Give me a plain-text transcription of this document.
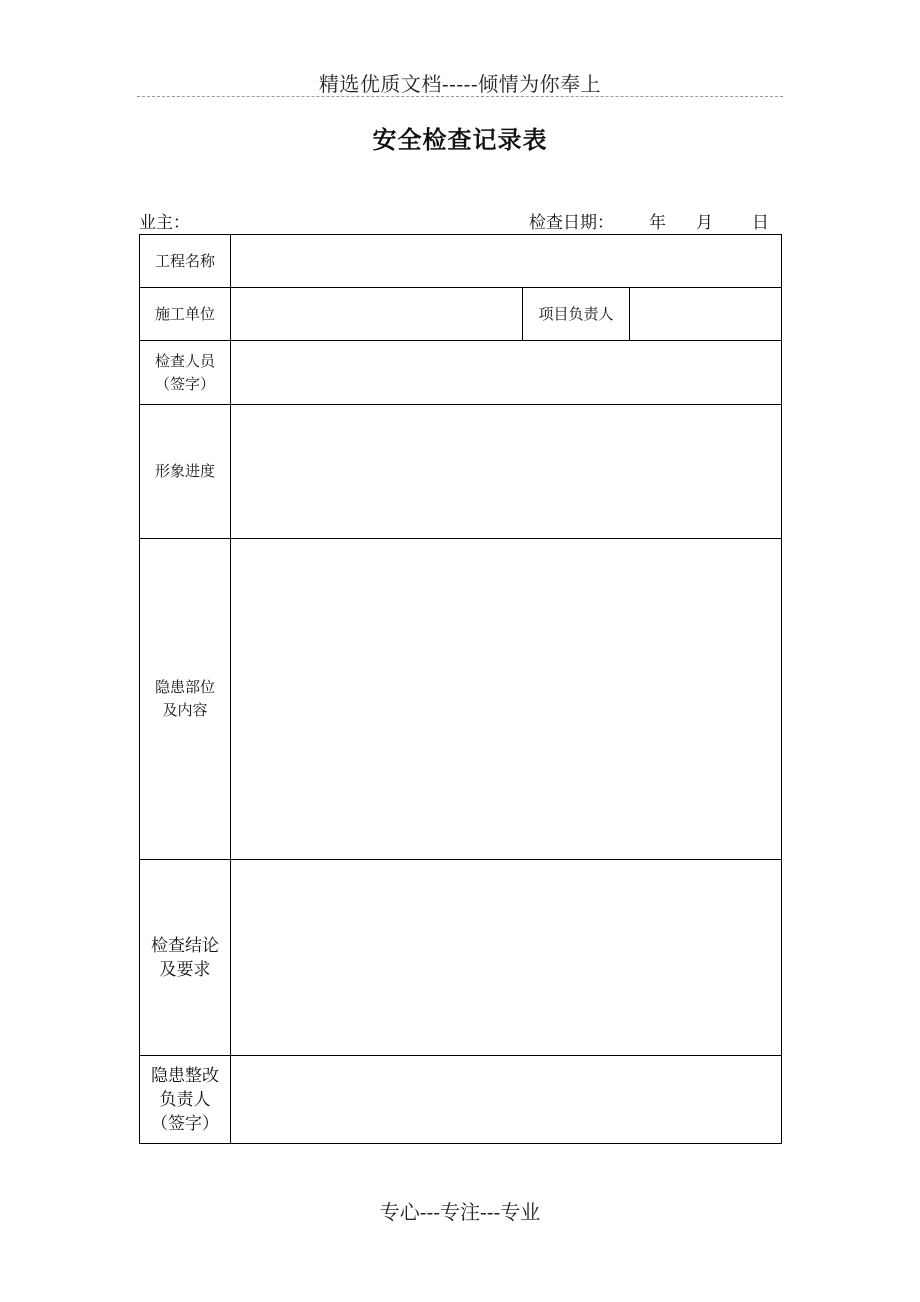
精选优质文档-----倾情为你奉上
安全检查记录表
业主：	检查日期： 年 月 日
工程名称			
施工单位		项目负责人	

检查人员
（签字）			

形象进度			

隐患部位
及内容			

检查结论
及要求			

隐患整改
负责人
（签字）			

专心---专注---专业
